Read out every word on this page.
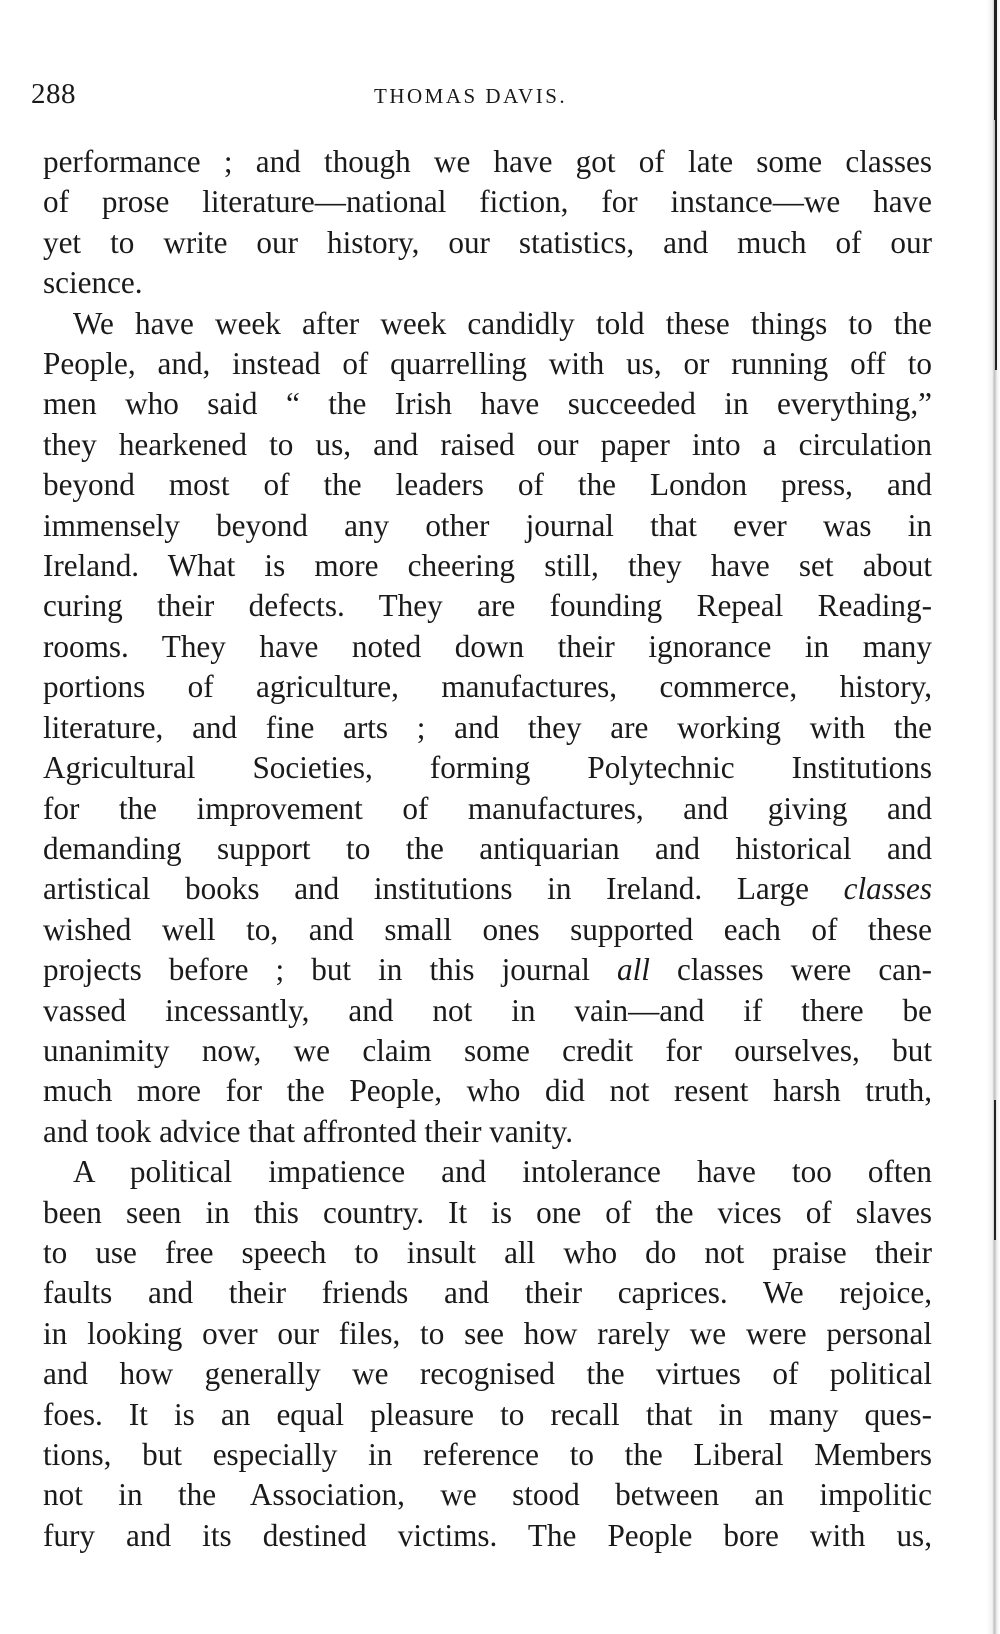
288	THOMAS DAVIS.

performance ; and though we have got of late some classes
of prose literature—national fiction, for instance—we have
yet to write our history, our statistics, and much of our
science.

We have week after week candidly told these things to the
People, and, instead of quarrelling with us, or running off to
men who said “ the Irish have succeeded in everything,”
they hearkened to us, and raised our paper into a circulation
beyond most of the leaders of the London press, and
immensely beyond any other journal that ever was in
Ireland. What is more cheering still, they have set about
curing their defects. They are founding Repeal Reading-
rooms. They have noted down their ignorance in many
portions of agriculture, manufactures, commerce, history,
literature, and fine arts ; and they are working with the
Agricultural Societies, forming Polytechnic Institutions
for the improvement of manufactures, and giving and
demanding support to the antiquarian and historical and
artistical books and institutions in Ireland. Large classes
wished well to, and small ones supported each of these
projects before ; but in this journal all classes were can-
vassed incessantly, and not in vain—and if there be
unanimity now, we claim some credit for ourselves, but
much more for the People, who did not resent harsh truth,
and took advice that affronted their vanity.

A political impatience and intolerance have too often
been seen in this country. It is one of the vices of slaves
to use free speech to insult all who do not praise their
faults and their friends and their caprices. We rejoice,
in looking over our files, to see how rarely we were personal
and how generally we recognised the virtues of political
foes. It is an equal pleasure to recall that in many ques-
tions, but especially in reference to the Liberal Members
not in the Association, we stood between an impolitic
fury and its destined victims. The People bore with us,
